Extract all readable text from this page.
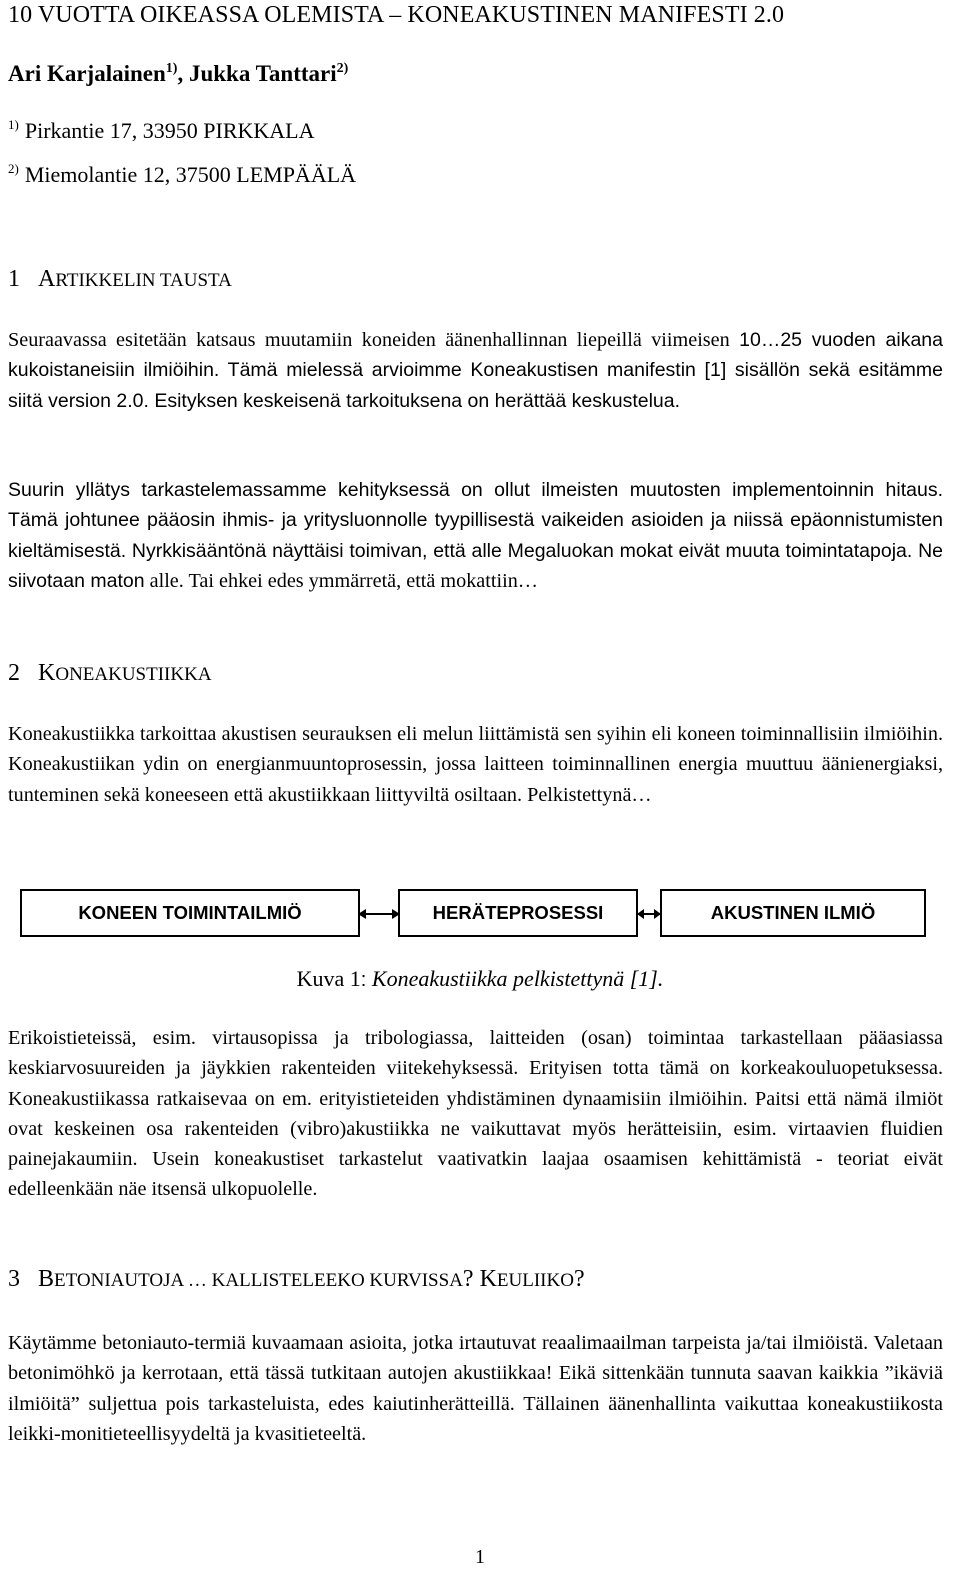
10 VUOTTA OIKEASSA OLEMISTA – KONEAKUSTINEN MANIFESTI 2.0
Ari Karjalainen$^{1)}$, Jukka Tanttari$^{2)}$
$^{1)}$ Pirkantie 17, 33950 PIRKKALA
$^{2)}$ Miemolantie 12, 37500 LEMPÄÄLÄ
1 ARTIKKELIN TAUSTA

Seuraavassa esitetään katsaus muutamiin koneiden äänenhallinnan liepeillä viimeisen 10…25 vuoden aikana kukoistaneisiin ilmiöihin. Tämä mielessä arvioimme Koneakustisen manifestin [1] sisällön sekä esitämme siitä version 2.0. Esityksen keskeisenä tarkoituksena on herättää keskustelua.

Suurin yllätys tarkastelemassamme kehityksessä on ollut ilmeisten muutosten implementoinnin hitaus. Tämä johtunee pääosin ihmis- ja yritysluonnolle tyypillisestä vaikeiden asioiden ja niissä epäonnistumisten kieltämisestä. Nyrkkisääntönä näyttäisi toimivan, että alle Megaluokan mokat eivät muuta toimintatapoja. Ne siivotaan maton alle. Tai ehkei edes ymmärretä, että mokattiin…

2 KONEAKUSTIIKKA

Koneakustiikka tarkoittaa akustisen seurauksen eli melun liittämistä sen syihin eli koneen toiminnallisiin ilmiöihin. Koneakustiikan ydin on energianmuuntoprosessin, jossa laitteen toiminnallinen energia muuttuu äänienergiaksi, tunteminen sekä koneeseen että akustiikkaan liittyviltä osiltaan. Pelkistettynä…

KONEEN TOIMINTAILMIÖ	HERÄTEPROSESSI	AKUSTINEN ILMIÖ
Kuva 1: Koneakustiikka pelkistettynä [1].

Erikoistieteissä, esim. virtausopissa ja tribologiassa, laitteiden (osan) toimintaa tarkastellaan pääasiassa keskiarvosuureiden ja jäykkien rakenteiden viitekehyksessä. Erityisen totta tämä on korkeakouluopetuksessa. Koneakustiikassa ratkaisevaa on em. erityistieteiden yhdistäminen dynaamisiin ilmiöihin. Paitsi että nämä ilmiöt ovat keskeinen osa rakenteiden (vibro)akustiikka ne vaikuttavat myös herätteisiin, esim. virtaavien fluidien painejakaumiin. Usein koneakustiset tarkastelut vaativatkin laajaa osaamisen kehittämistä - teoriat eivät edelleenkään näe itsensä ulkopuolelle.

3 BETONIAUTOJA … KALLISTELEEKO KURVISSA? KEULIIKO?

Käytämme betoniauto-termiä kuvaamaan asioita, jotka irtautuvat reaalimaailman tarpeista ja/tai ilmiöistä. Valetaan betonimöhkö ja kerrotaan, että tässä tutkitaan autojen akustiikkaa! Eikä sittenkään tunnuta saavan kaikkia ”ikäviä ilmiöitä” suljettua pois tarkasteluista, edes kaiutinherätteillä. Tällainen äänenhallinta vaikuttaa koneakustiikosta leikki-monitieteellisyydeltä ja kvasitieteeltä.

1
